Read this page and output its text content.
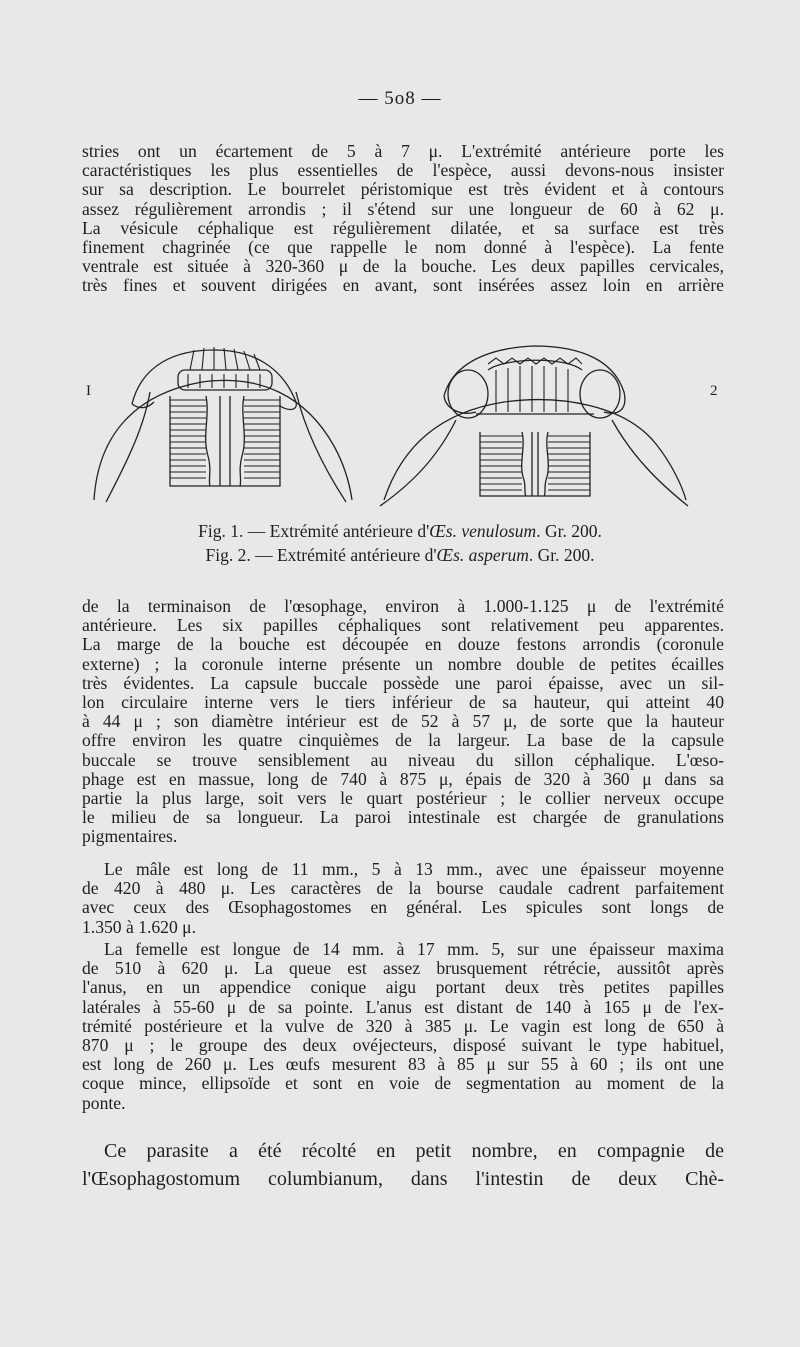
— 5o8 —

stries ont un écartement de 5 à 7 μ. L'extrémité antérieure porte les
caractéristiques les plus essentielles de l'espèce, aussi devons-nous insister
sur sa description. Le bourrelet péristomique est très évident et à contours
assez régulièrement arrondis ; il s'étend sur une longueur de 60 à 62 μ.
La vésicule céphalique est régulièrement dilatée, et sa surface est très
finement chagrinée (ce que rappelle le nom donné à l'espèce). La fente
ventrale est située à 320-360 μ de la bouche. Les deux papilles cervicales,
très fines et souvent dirigées en avant, sont insérées assez loin en arrière

I	2
Fig. 1. — Extrémité antérieure d'Œs. venulosum. Gr. 200.
Fig. 2. — Extrémité antérieure d'Œs. asperum. Gr. 200.

de la terminaison de l'œsophage, environ à 1.000-1.125 μ de l'extrémité
antérieure. Les six papilles céphaliques sont relativement peu apparentes.
La marge de la bouche est découpée en douze festons arrondis (coronule
externe) ; la coronule interne présente un nombre double de petites écailles
très évidentes. La capsule buccale possède une paroi épaisse, avec un sil-
lon circulaire interne vers le tiers inférieur de sa hauteur, qui atteint 40
à 44 μ ; son diamètre intérieur est de 52 à 57 μ, de sorte que la hauteur
offre environ les quatre cinquièmes de la largeur. La base de la capsule
buccale se trouve sensiblement au niveau du sillon céphalique. L'œso-
phage est en massue, long de 740 à 875 μ, épais de 320 à 360 μ dans sa
partie la plus large, soit vers le quart postérieur ; le collier nerveux occupe
le milieu de sa longueur. La paroi intestinale est chargée de granulations
pigmentaires.

Le mâle est long de 11 mm., 5 à 13 mm., avec une épaisseur moyenne
de 420 à 480 μ. Les caractères de la bourse caudale cadrent parfaitement
avec ceux des Œsophagostomes en général. Les spicules sont longs de
1.350 à 1.620 μ.

La femelle est longue de 14 mm. à 17 mm. 5, sur une épaisseur maxima
de 510 à 620 μ. La queue est assez brusquement rétrécie, aussitôt après
l'anus, en un appendice conique aigu portant deux très petites papilles
latérales à 55-60 μ de sa pointe. L'anus est distant de 140 à 165 μ de l'ex-
trémité postérieure et la vulve de 320 à 385 μ. Le vagin est long de 650 à
870 μ ; le groupe des deux ovéjecteurs, disposé suivant le type habituel,
est long de 260 μ. Les œufs mesurent 83 à 85 μ sur 55 à 60 ; ils ont une
coque mince, ellipsoïde et sont en voie de segmentation au moment de la
ponte.

Ce parasite a été récolté en petit nombre, en compagnie de
l'Œsophagostomum columbianum, dans l'intestin de deux Chè-
